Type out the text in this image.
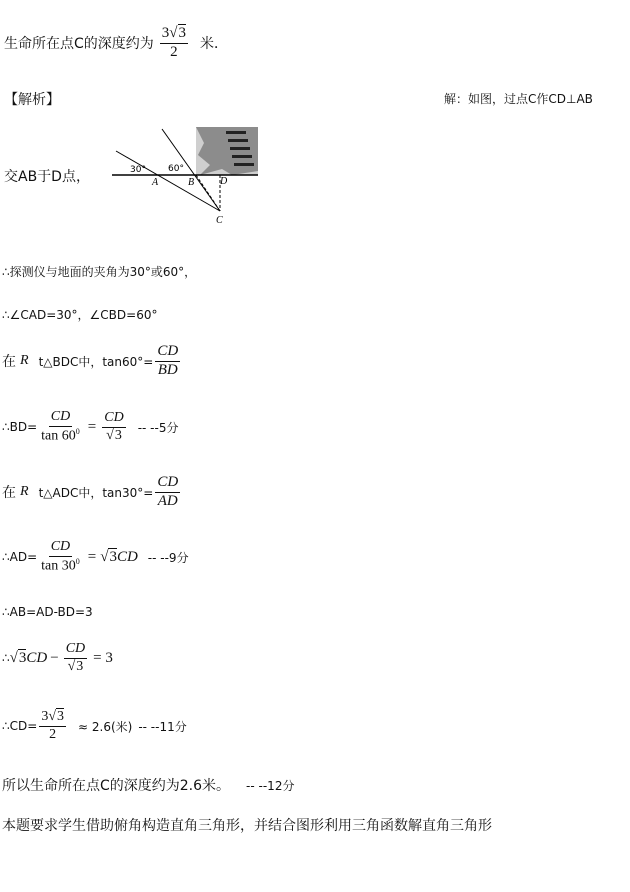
生命所在点C的深度约为 $\frac{3√3}{2}$ 米．
【解析】	解：如图，过点C作CD⊥AB
交AB于D点，	30° 60°
A	B	D
C
∴探测仪与地面的夹角为30°或60°，
∴∠CAD=30°，∠CBD=60°
在 R t△BDC中，$\tan 60^\circ= \frac{CD}{BD}$
∴BD= $\frac{CD}{\tan 60^0} = \frac{CD}{√3} -- --5$分
在 R t△ADC中，$\tan 30^\circ= \frac{CD}{AD}$
∴AD= $\frac{CD}{\tan 30^0} = √3$ CD -- --9分
∴AB=AD-BD=3
∴ √3 CD − $\frac{CD}{√3} = 3$
∴CD= $\frac{3√3}{2} \approx 2.6$(米) -- --11分
所以生命所在点C的深度约为2.6米。 -- --12分
本题要求学生借助俯角构造直角三角形，并结合图形利用三角函数解直角三角形
